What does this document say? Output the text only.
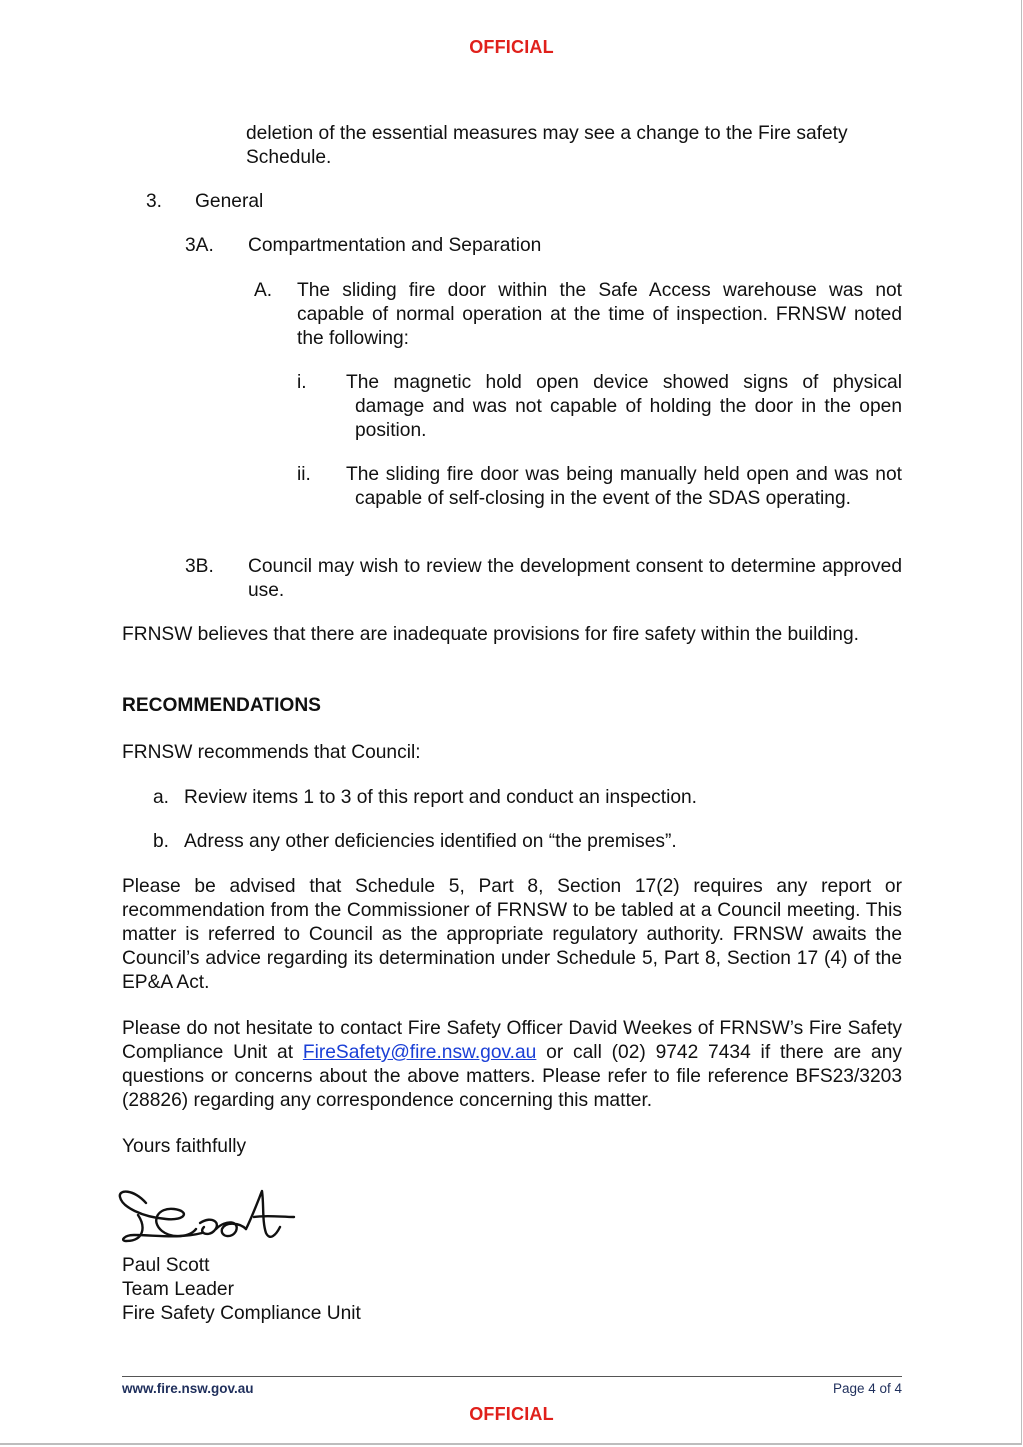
OFFICIAL

deletion of the essential measures may see a change to the Fire safety Schedule.

3. General
3A. Compartmentation and Separation
A. The sliding fire door within the Safe Access warehouse was not capable of normal operation at the time of inspection. FRNSW noted the following:

i. The magnetic hold open device showed signs of physical damage and was not capable of holding the door in the open position.

ii. The sliding fire door was being manually held open and was not capable of self-closing in the event of the SDAS operating.

3B. Council may wish to review the development consent to determine approved use.

FRNSW believes that there are inadequate provisions for fire safety within the building.

RECOMMENDATIONS

FRNSW recommends that Council:

a. Review items 1 to 3 of this report and conduct an inspection.

b. Adress any other deficiencies identified on “the premises”.

Please be advised that Schedule 5, Part 8, Section 17(2) requires any report or recommendation from the Commissioner of FRNSW to be tabled at a Council meeting. This matter is referred to Council as the appropriate regulatory authority. FRNSW awaits the Council’s advice regarding its determination under Schedule 5, Part 8, Section 17 (4) of the EP&A Act.

Please do not hesitate to contact Fire Safety Officer David Weekes of FRNSW’s Fire Safety Compliance Unit at FireSafety@fire.nsw.gov.au or call (02) 9742 7434 if there are any questions or concerns about the above matters. Please refer to file reference BFS23/3203 (28826) regarding any correspondence concerning this matter.

Yours faithfully

Paul Scott

Team Leader

Fire Safety Compliance Unit

www.fire.nsw.gov.au	Page 4 of 4
OFFICIAL
